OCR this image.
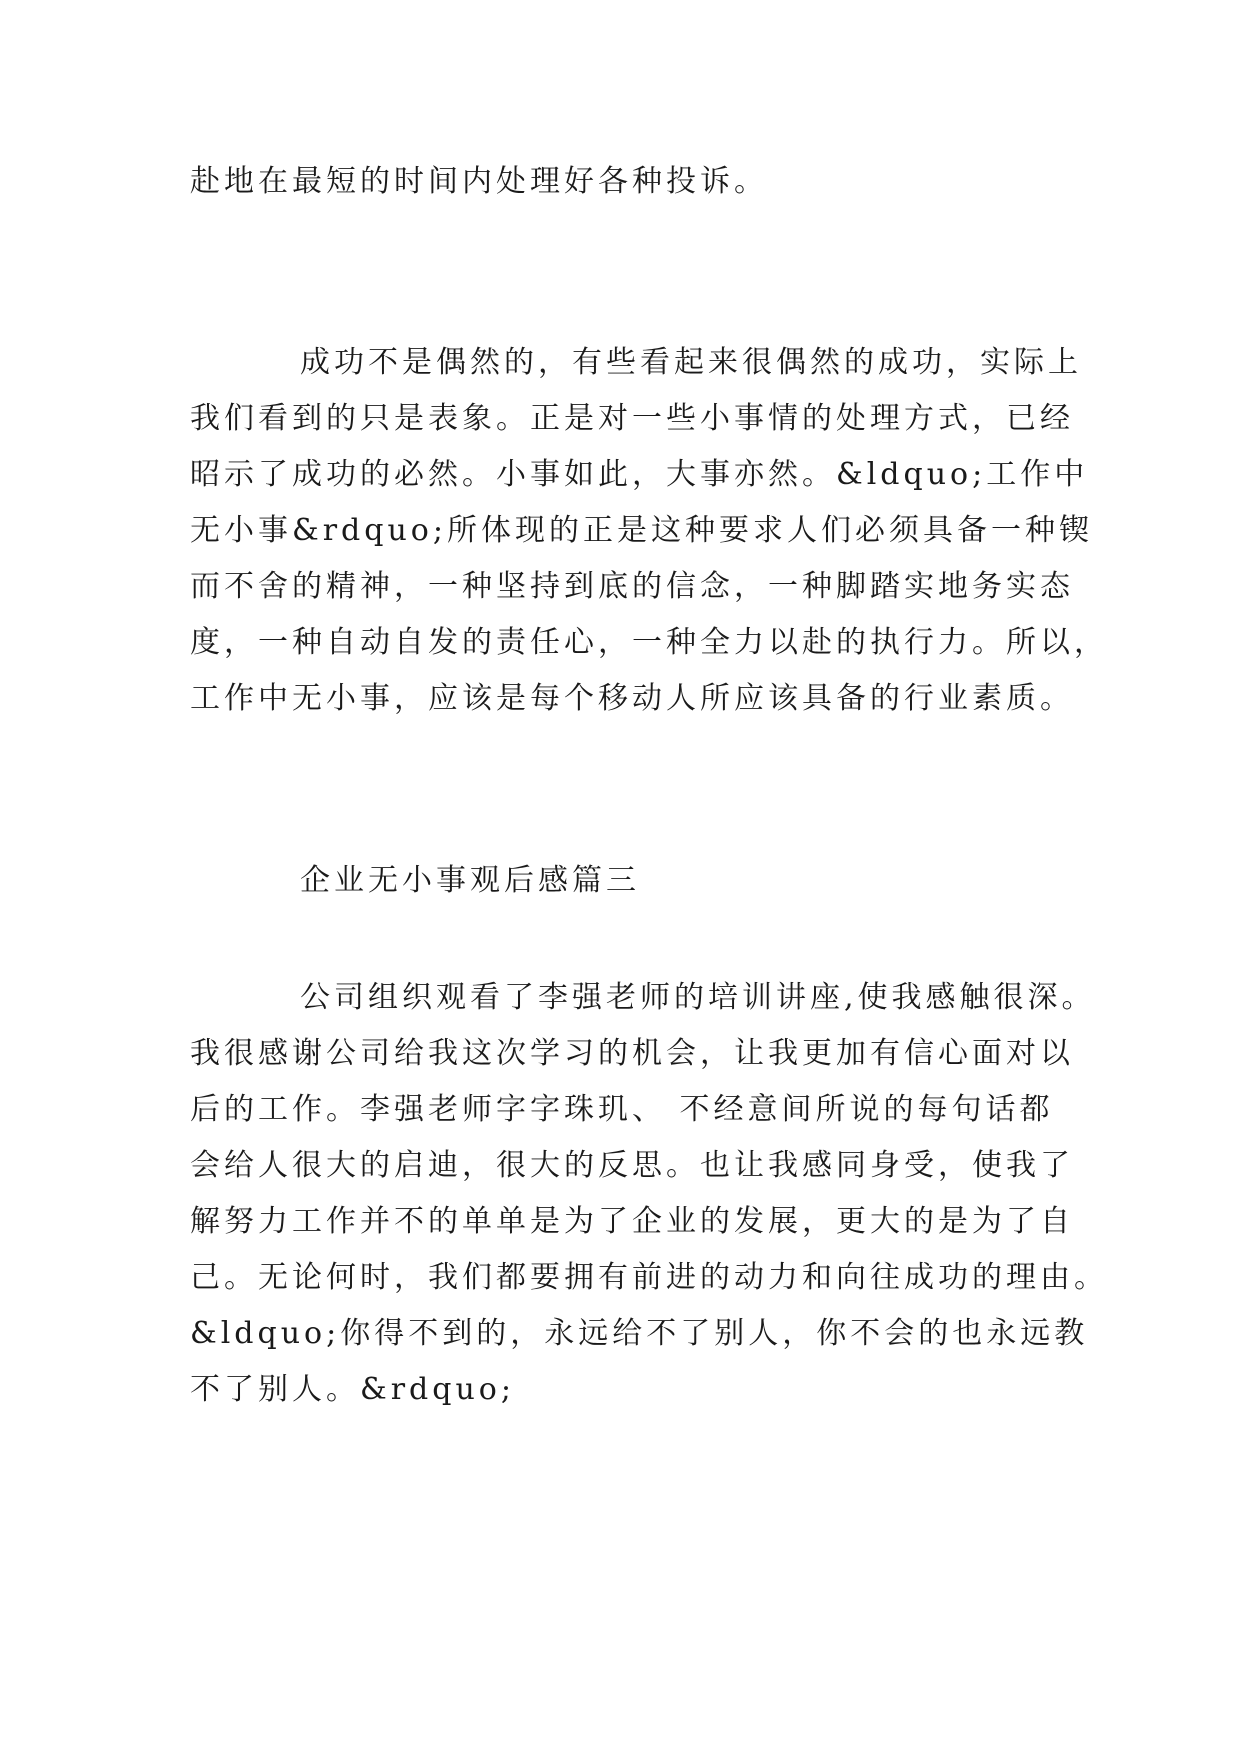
赴地在最短的时间内处理好各种投诉。
成功不是偶然的，有些看起来很偶然的成功，实际上
我们看到的只是表象。正是对一些小事情的处理方式，已经
昭示了成功的必然。小事如此，大事亦然。&ldquo;工作中
无小事&rdquo;所体现的正是这种要求人们必须具备一种锲
而不舍的精神，一种坚持到底的信念，一种脚踏实地务实态
度，一种自动自发的责任心，一种全力以赴的执行力。所以，
工作中无小事，应该是每个移动人所应该具备的行业素质。
企业无小事观后感篇三
公司组织观看了李强老师的培训讲座,使我感触很深。
我很感谢公司给我这次学习的机会，让我更加有信心面对以
后的工作。李强老师字字珠玑、 不经意间所说的每句话都
会给人很大的启迪，很大的反思。也让我感同身受，使我了
解努力工作并不的单单是为了企业的发展，更大的是为了自
己。无论何时，我们都要拥有前进的动力和向往成功的理由。
&ldquo;你得不到的，永远给不了别人，你不会的也永远教
不了别人。&rdquo;
